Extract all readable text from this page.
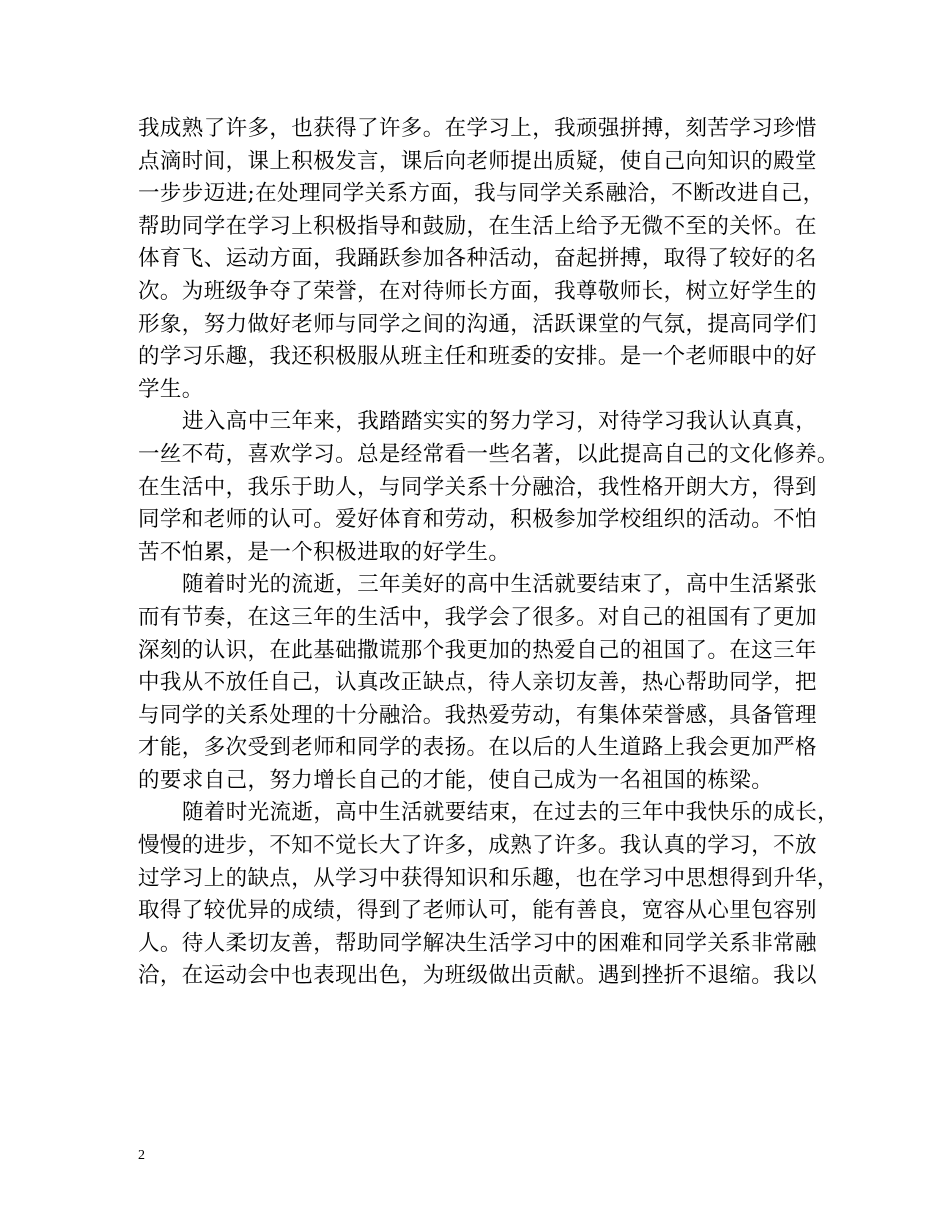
我成熟了许多，也获得了许多。在学习上，我顽强拼搏，刻苦学习珍惜
点滴时间，课上积极发言，课后向老师提出质疑，使自己向知识的殿堂
一步步迈进;在处理同学关系方面，我与同学关系融洽，不断改进自己，
帮助同学在学习上积极指导和鼓励，在生活上给予无微不至的关怀。在
体育飞、运动方面，我踊跃参加各种活动，奋起拼搏，取得了较好的名
次。为班级争夺了荣誉，在对待师长方面，我尊敬师长，树立好学生的
形象，努力做好老师与同学之间的沟通，活跃课堂的气氛，提高同学们
的学习乐趣，我还积极服从班主任和班委的安排。是一个老师眼中的好
学生。
进入高中三年来，我踏踏实实的努力学习，对待学习我认认真真，
一丝不苟，喜欢学习。总是经常看一些名著，以此提高自己的文化修养。
在生活中，我乐于助人，与同学关系十分融洽，我性格开朗大方，得到
同学和老师的认可。爱好体育和劳动，积极参加学校组织的活动。不怕
苦不怕累，是一个积极进取的好学生。
随着时光的流逝，三年美好的高中生活就要结束了，高中生活紧张
而有节奏，在这三年的生活中，我学会了很多。对自己的祖国有了更加
深刻的认识，在此基础撒谎那个我更加的热爱自己的祖国了。在这三年
中我从不放任自己，认真改正缺点，待人亲切友善，热心帮助同学，把
与同学的关系处理的十分融洽。我热爱劳动，有集体荣誉感，具备管理
才能，多次受到老师和同学的表扬。在以后的人生道路上我会更加严格
的要求自己，努力增长自己的才能，使自己成为一名祖国的栋梁。
随着时光流逝，高中生活就要结束，在过去的三年中我快乐的成长，
慢慢的进步，不知不觉长大了许多，成熟了许多。我认真的学习，不放
过学习上的缺点，从学习中获得知识和乐趣，也在学习中思想得到升华，
取得了较优异的成绩，得到了老师认可，能有善良，宽容从心里包容别
人。待人柔切友善，帮助同学解决生活学习中的困难和同学关系非常融
洽，在运动会中也表现出色，为班级做出贡献。遇到挫折不退缩。我以
2
